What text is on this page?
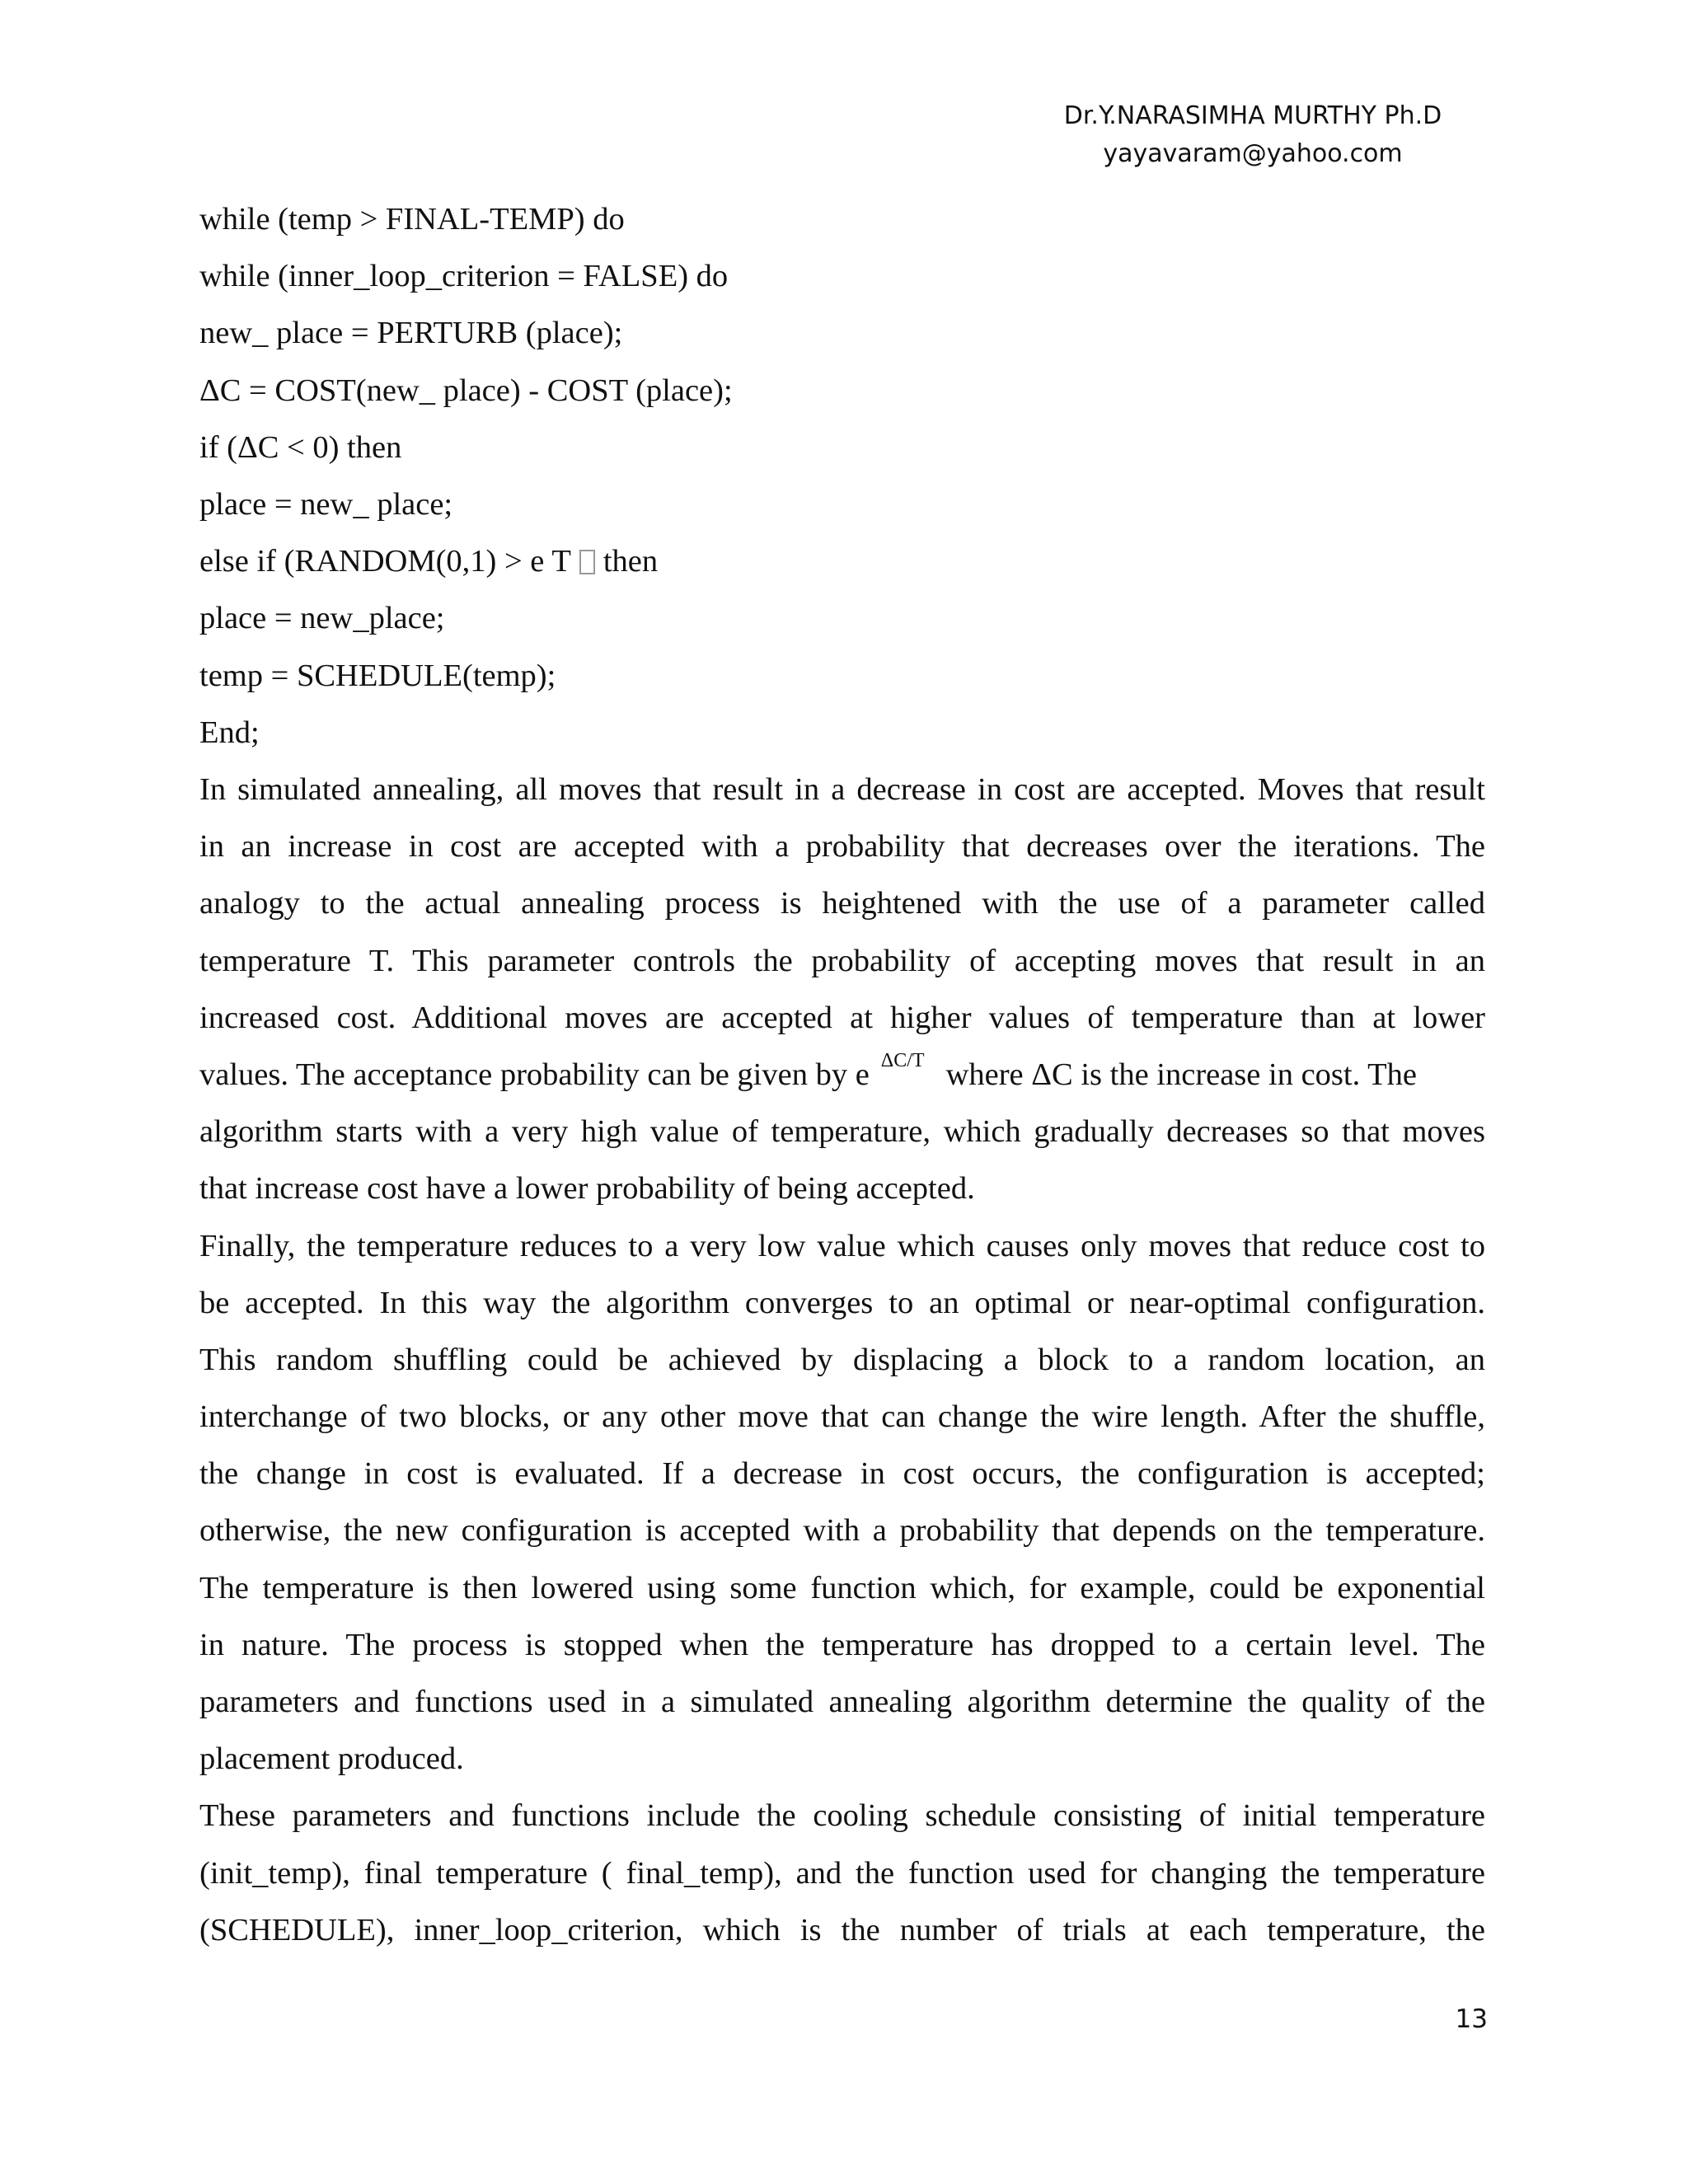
Dr.Y.NARASIMHA MURTHY Ph.D
yayavaram@yahoo.com
while (temp > FINAL-TEMP) do
while (inner_loop_criterion = FALSE) do
new_ place = PERTURB (place);
ΔC = COST(new_ place) - COST (place);
if (ΔC < 0) then
place = new_ place;
else if (RANDOM(0,1) > e T then
place = new_place;
temp = SCHEDULE(temp);
End;
In simulated annealing, all moves that result in a decrease in cost are accepted. Moves that result
in an increase in cost are accepted with a probability that decreases over the iterations. The
analogy to the actual annealing process is heightened with the use of a parameter called
temperature T. This parameter controls the probability of accepting moves that result in an
increased cost. Additional moves are accepted at higher values of temperature than at lower
values. The acceptance probability can be given by e $^{\Delta C/T}$ where ΔC is the increase in cost. The
algorithm starts with a very high value of temperature, which gradually decreases so that moves
that increase cost have a lower probability of being accepted.
Finally, the temperature reduces to a very low value which causes only moves that reduce cost to
be accepted. In this way the algorithm converges to an optimal or near-optimal configuration.
This random shuffling could be achieved by displacing a block to a random location, an
interchange of two blocks, or any other move that can change the wire length. After the shuffle,
the change in cost is evaluated. If a decrease in cost occurs, the configuration is accepted;
otherwise, the new configuration is accepted with a probability that depends on the temperature.
The temperature is then lowered using some function which, for example, could be exponential
in nature. The process is stopped when the temperature has dropped to a certain level. The
parameters and functions used in a simulated annealing algorithm determine the quality of the
placement produced.
These parameters and functions include the cooling schedule consisting of initial temperature
(init_temp), final temperature ( final_temp), and the function used for changing the temperature
(SCHEDULE), inner_loop_criterion, which is the number of trials at each temperature, the
13
